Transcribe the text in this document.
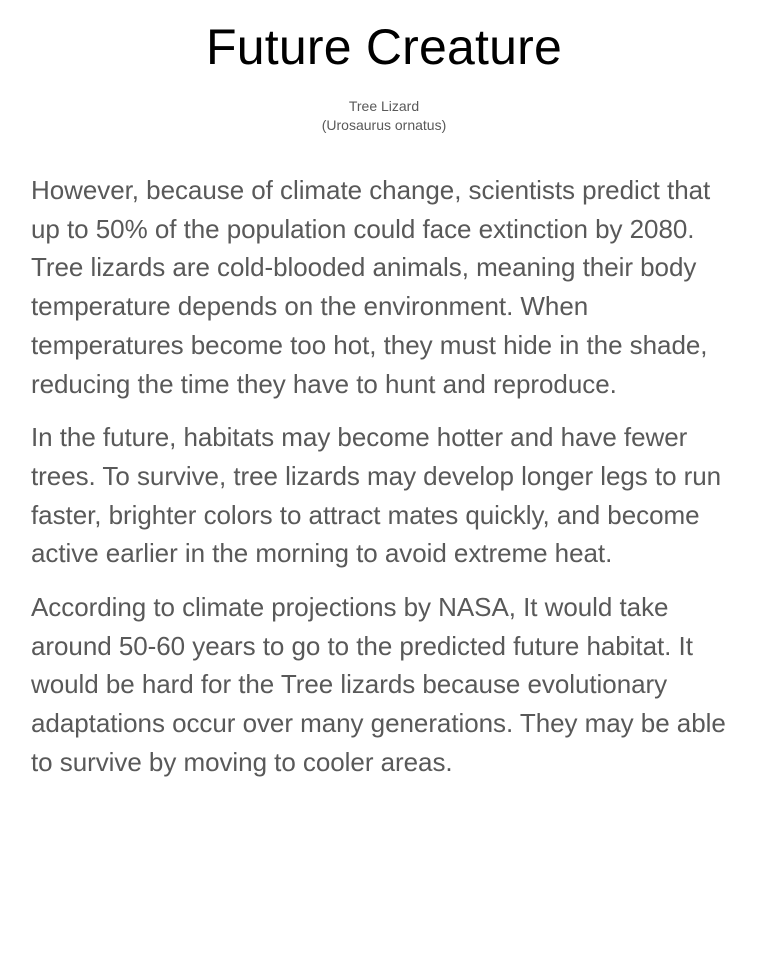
Future Creature
Tree Lizard
(Urosaurus ornatus)

However, because of climate change, scientists predict that up to 50% of the population could face extinction by 2080. Tree lizards are cold-blooded animals, meaning their body temperature depends on the environment. When temperatures become too hot, they must hide in the shade, reducing the time they have to hunt and reproduce.

In the future, habitats may become hotter and have fewer trees. To survive, tree lizards may develop longer legs to run faster, brighter colors to attract mates quickly, and become active earlier in the morning to avoid extreme heat.

According to climate projections by NASA, It would take around 50-60 years to go to the predicted future habitat. It would be hard for the Tree lizards because evolutionary adaptations occur over many generations. They may be able to survive by moving to cooler areas.
